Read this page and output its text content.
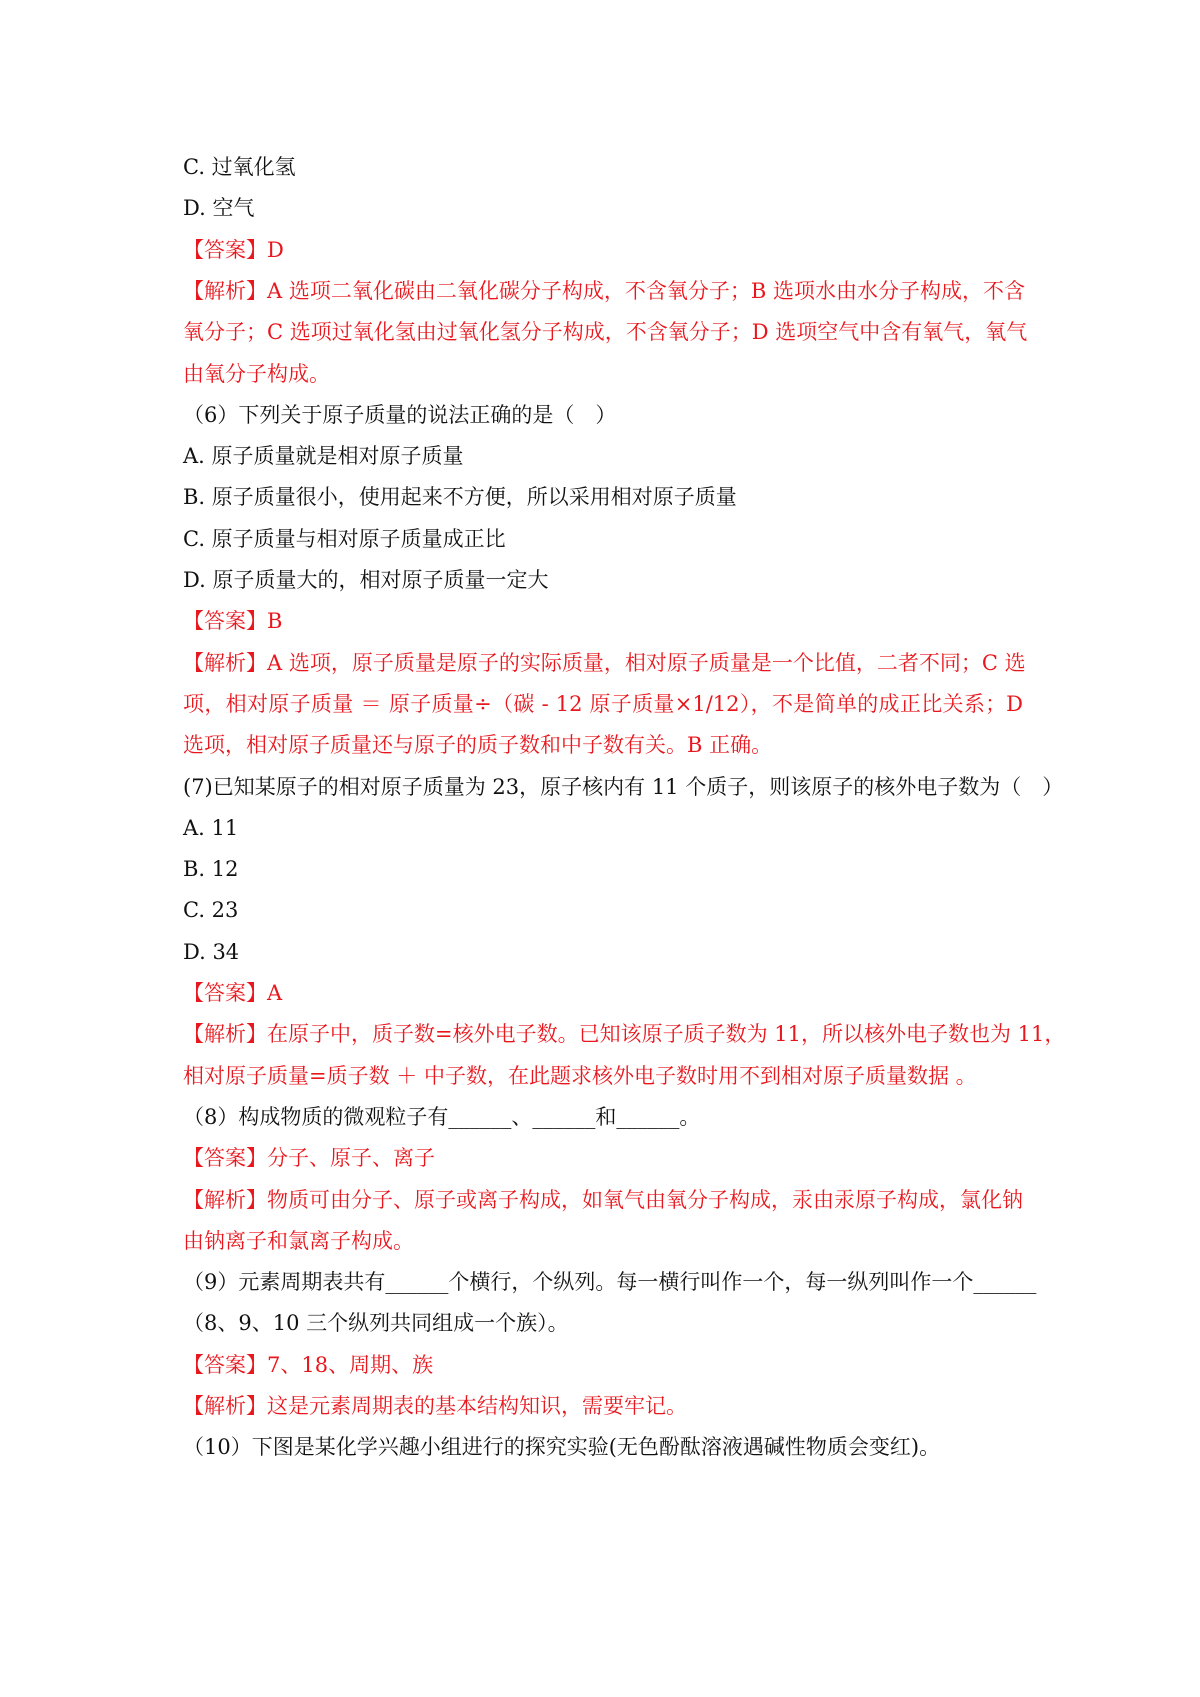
C. 过氧化氢
D. 空气
【答案】D
【解析】A 选项二氧化碳由二氧化碳分子构成，不含氧分子；B 选项水由水分子构成，不含
氧分子；C 选项过氧化氢由过氧化氢分子构成，不含氧分子；D 选项空气中含有氧气，氧气
由氧分子构成。
（6）下列关于原子质量的说法正确的是（　）
A. 原子质量就是相对原子质量
B. 原子质量很小，使用起来不方便，所以采用相对原子质量
C. 原子质量与相对原子质量成正比
D. 原子质量大的，相对原子质量一定大
【答案】B
【解析】A 选项，原子质量是原子的实际质量，相对原子质量是一个比值，二者不同；C 选
项，相对原子质量 ＝ 原子质量÷（碳 - 12 原子质量×1/12），不是简单的成正比关系；D
选项，相对原子质量还与原子的质子数和中子数有关。B 正确。
(7)已知某原子的相对原子质量为 23，原子核内有 11 个质子，则该原子的核外电子数为（　）
A. 11
B. 12
C. 23
D. 34
【答案】A
【解析】在原子中，质子数=核外电子数。已知该原子质子数为 11，所以核外电子数也为 11，
相对原子质量=质子数 ＋ 中子数，在此题求核外电子数时用不到相对原子质量数据 。
（8）构成物质的微观粒子有______、______和______。
【答案】分子、原子、离子
【解析】物质可由分子、原子或离子构成，如氧气由氧分子构成，汞由汞原子构成，氯化钠
由钠离子和氯离子构成。
（9）元素周期表共有______个横行，个纵列。每一横行叫作一个，每一纵列叫作一个______
（8、9、10 三个纵列共同组成一个族）。
【答案】7、18、周期、族
【解析】这是元素周期表的基本结构知识，需要牢记。
（10）下图是某化学兴趣小组进行的探究实验(无色酚酞溶液遇碱性物质会变红)。
